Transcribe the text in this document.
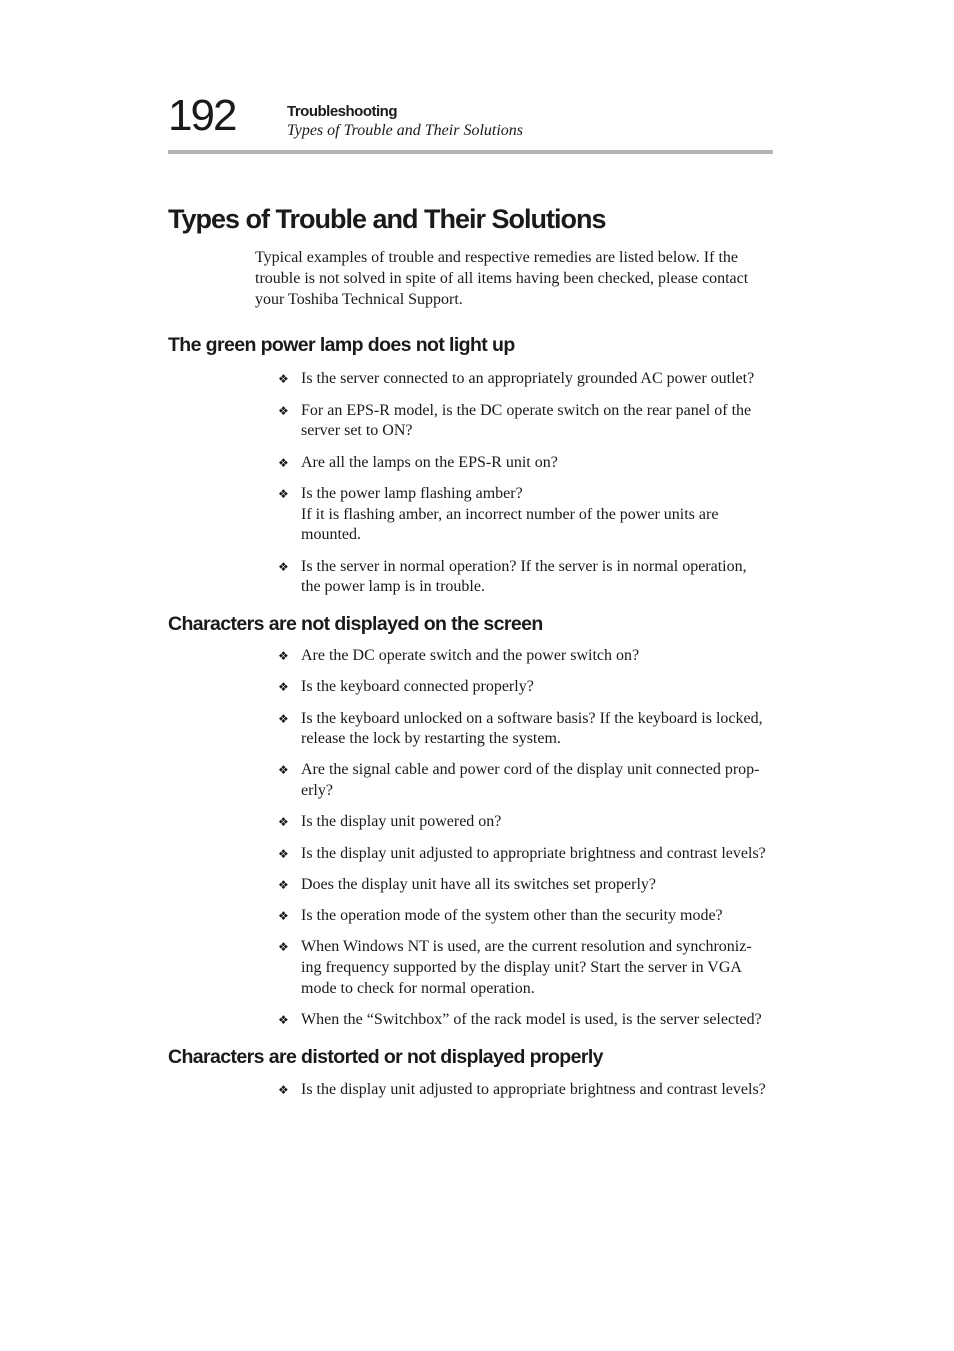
192	Troubleshooting
Types of Trouble and Their Solutions
Types of Trouble and Their Solutions
Typical examples of trouble and respective remedies are listed below. If the
trouble is not solved in spite of all items having been checked, please contact
your Toshiba Technical Support.
The green power lamp does not light up
❖ Is the server connected to an appropriately grounded AC power outlet?
❖ For an EPS-R model, is the DC operate switch on the rear panel of the
server set to ON?
❖ Are all the lamps on the EPS-R unit on?
❖ Is the power lamp flashing amber?
If it is flashing amber, an incorrect number of the power units are
mounted.
❖ Is the server in normal operation? If the server is in normal operation,
the power lamp is in trouble.
Characters are not displayed on the screen
❖ Are the DC operate switch and the power switch on?
❖ Is the keyboard connected properly?
❖ Is the keyboard unlocked on a software basis? If the keyboard is locked,
release the lock by restarting the system.
❖ Are the signal cable and power cord of the display unit connected prop-
erly?
❖ Is the display unit powered on?
❖ Is the display unit adjusted to appropriate brightness and contrast levels?
❖ Does the display unit have all its switches set properly?
❖ Is the operation mode of the system other than the security mode?
❖ When Windows NT is used, are the current resolution and synchroniz-
ing frequency supported by the display unit? Start the server in VGA
mode to check for normal operation.
❖ When the “Switchbox” of the rack model is used, is the server selected?
Characters are distorted or not displayed properly
❖ Is the display unit adjusted to appropriate brightness and contrast levels?
